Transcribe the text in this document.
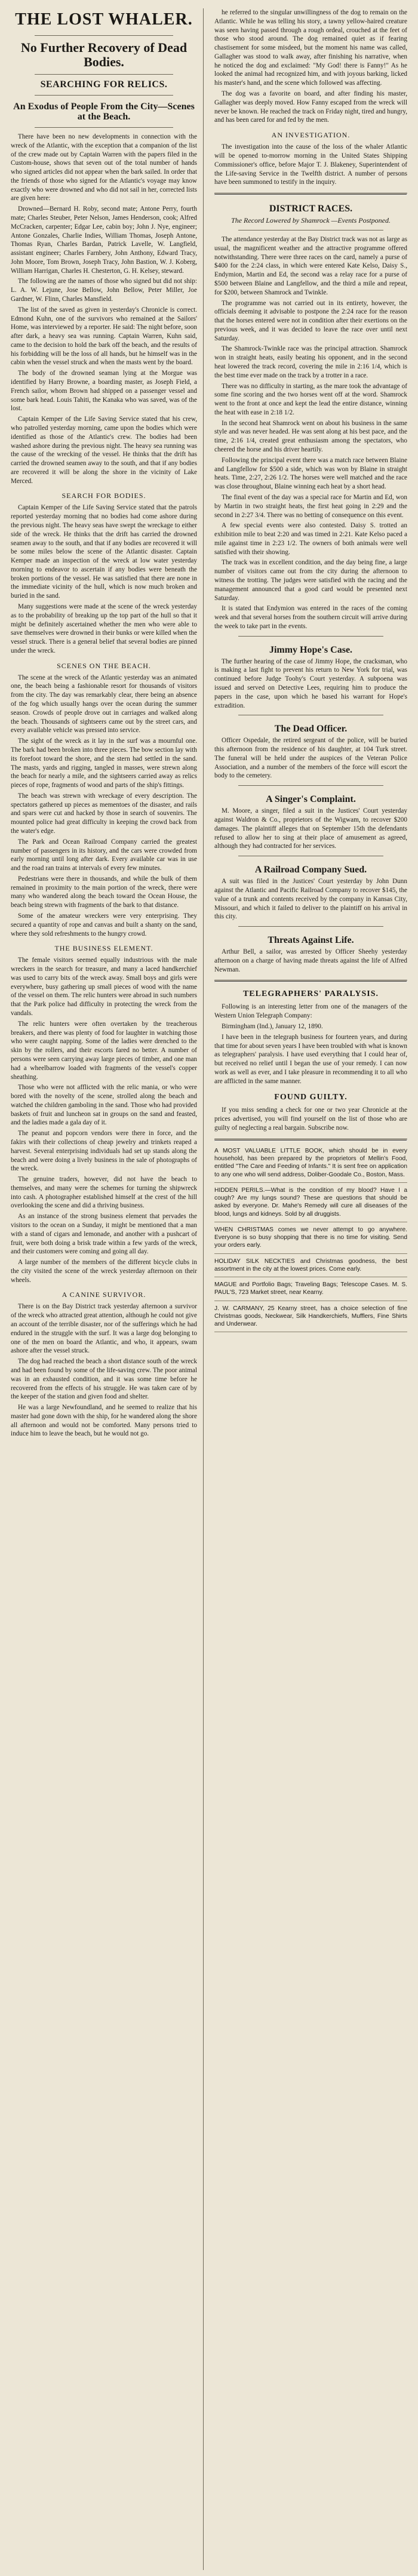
THE LOST WHALER.
No Further Recovery of Dead Bodies.
SEARCHING FOR RELICS.
An Exodus of People From the City—Scenes at the Beach.

There have been no new developments in connection with the wreck of the Atlantic, with the exception that a companion of the list of the crew made out by Captain Warren with the papers filed in the Custom-house, shows that seven out of the total number of hands who signed articles did not appear when the bark sailed. In order that the friends of those who signed for the Atlantic's voyage may know exactly who were drowned and who did not sail in her, corrected lists are given here:

Drowned—Bernard H. Roby, second mate; Antone Perry, fourth mate; Charles Steuber, Peter Nelson, James Henderson, cook; Alfred McCracken, carpenter; Edgar Lee, cabin boy; John J. Nye, engineer; Antone Gonzales, Charlie Indies, William Thomas, Joseph Antone, Thomas Ryan, Charles Bardan, Patrick Lavelle, W. Langfield, assistant engineer; Charles Farnbery, John Anthony, Edward Tracy, John Moore, Tom Brown, Joseph Tracy, John Bastion, W. J. Koberg, William Harrigan, Charles H. Chesterton, G. H. Kelsey, steward.

The following are the names of those who signed but did not ship: L. A. W. Lejune, Jose Bellow, John Bellow, Peter Miller, Joe Gardner, W. Flinn, Charles Mansfield.

The list of the saved as given in yesterday's Chronicle is correct. Edmond Kuhn, one of the survivors who remained at the Sailors' Home, was interviewed by a reporter. He said: The night before, soon after dark, a heavy sea was running. Captain Warren, Kuhn said, came to the decision to hold the bark off the beach, and the results of his forbidding will be the loss of all hands, but he himself was in the cabin when the vessel struck and when the masts went by the board.

The body of the drowned seaman lying at the Morgue was identified by Harry Browne, a boarding master, as Joseph Field, a French sailor, whom Brown had shipped on a passenger vessel and some bark head. Louis Tahiti, the Kanaka who was saved, was of the lost.

Captain Kemper of the Life Saving Service stated that his crew, who patrolled yesterday morning, came upon the bodies which were identified as those of the Atlantic's crew. The bodies had been washed ashore during the previous night. The heavy sea running was the cause of the wrecking of the vessel. He thinks that the drift has carried the drowned seamen away to the south, and that if any bodies are recovered it will be along the shore in the vicinity of Lake Merced.

SEARCH FOR BODIES.

Captain Kemper of the Life Saving Service stated that the patrols reported yesterday morning that no bodies had come ashore during the previous night. The heavy seas have swept the wreckage to either side of the wreck. He thinks that the drift has carried the drowned seamen away to the south, and that if any bodies are recovered it will be some miles below the scene of the Atlantic disaster. Captain Kemper made an inspection of the wreck at low water yesterday morning to endeavor to ascertain if any bodies were beneath the broken portions of the vessel. He was satisfied that there are none in the immediate vicinity of the hull, which is now much broken and buried in the sand.

Many suggestions were made at the scene of the wreck yesterday as to the probability of breaking up the top part of the hull so that it might be definitely ascertained whether the men who were able to save themselves were drowned in their bunks or were killed when the vessel struck. There is a general belief that several bodies are pinned under the wreck.

SCENES ON THE BEACH.

The scene at the wreck of the Atlantic yesterday was an animated one, the beach being a fashionable resort for thousands of visitors from the city. The day was remarkably clear, there being an absence of the fog which usually hangs over the ocean during the summer season. Crowds of people drove out in carriages and walked along the beach. Thousands of sightseers came out by the street cars, and every available vehicle was pressed into service.

The sight of the wreck as it lay in the surf was a mournful one. The bark had been broken into three pieces. The bow section lay with its forefoot toward the shore, and the stern had settled in the sand. The masts, yards and rigging, tangled in masses, were strewn along the beach for nearly a mile, and the sightseers carried away as relics pieces of rope, fragments of wood and parts of the ship's fittings.

The beach was strewn with wreckage of every description. The spectators gathered up pieces as mementoes of the disaster, and rails and spars were cut and hacked by those in search of souvenirs. The mounted police had great difficulty in keeping the crowd back from the water's edge.

The Park and Ocean Railroad Company carried the greatest number of passengers in its history, and the cars were crowded from early morning until long after dark. Every available car was in use and the road ran trains at intervals of every few minutes.

Pedestrians were there in thousands, and while the bulk of them remained in proximity to the main portion of the wreck, there were many who wandered along the beach toward the Ocean House, the beach being strewn with fragments of the bark to that distance.

Some of the amateur wreckers were very enterprising. They secured a quantity of rope and canvas and built a shanty on the sand, where they sold refreshments to the hungry crowd.

THE BUSINESS ELEMENT.

The female visitors seemed equally industrious with the male wreckers in the search for treasure, and many a laced handkerchief was used to carry bits of the wreck away. Small boys and girls were everywhere, busy gathering up small pieces of wood with the name of the vessel on them. The relic hunters were abroad in such numbers that the Park police had difficulty in protecting the wreck from the vandals.

The relic hunters were often overtaken by the treacherous breakers, and there was plenty of food for laughter in watching those who were caught napping. Some of the ladies were drenched to the skin by the rollers, and their escorts fared no better. A number of persons were seen carrying away large pieces of timber, and one man had a wheelbarrow loaded with fragments of the vessel's copper sheathing.

Those who were not afflicted with the relic mania, or who were bored with the novelty of the scene, strolled along the beach and watched the children gamboling in the sand. Those who had provided baskets of fruit and luncheon sat in groups on the sand and feasted, and the ladies made a gala day of it.

The peanut and popcorn vendors were there in force, and the fakirs with their collections of cheap jewelry and trinkets reaped a harvest. Several enterprising individuals had set up stands along the beach and were doing a lively business in the sale of photographs of the wreck.

The genuine traders, however, did not have the beach to themselves, and many were the schemes for turning the shipwreck into cash. A photographer established himself at the crest of the hill overlooking the scene and did a thriving business.

As an instance of the strong business element that pervades the visitors to the ocean on a Sunday, it might be mentioned that a man with a stand of cigars and lemonade, and another with a pushcart of fruit, were both doing a brisk trade within a few yards of the wreck, and their customers were coming and going all day.

A large number of the members of the different bicycle clubs in the city visited the scene of the wreck yesterday afternoon on their wheels.

A CANINE SURVIVOR.

There is on the Bay District track yesterday afternoon a survivor of the wreck who attracted great attention, although he could not give an account of the terrible disaster, nor of the sufferings which he had endured in the struggle with the surf. It was a large dog belonging to one of the men on board the Atlantic, and who, it appears, swam ashore after the vessel struck.

The dog had reached the beach a short distance south of the wreck and had been found by some of the life-saving crew. The poor animal was in an exhausted condition, and it was some time before he recovered from the effects of his struggle. He was taken care of by the keeper of the station and given food and shelter.

He was a large Newfoundland, and he seemed to realize that his master had gone down with the ship, for he wandered along the shore all afternoon and would not be comforted. Many persons tried to induce him to leave the beach, but he would not go.

he referred to the singular unwillingness of the dog to remain on the Atlantic. While he was telling his story, a tawny yellow-haired creature was seen having passed through a rough ordeal, crouched at the feet of those who stood around. The dog remained quiet as if fearing chastisement for some misdeed, but the moment his name was called, Gallagher was stood to walk away, after finishing his narrative, when he noticed the dog and exclaimed: "My God! there is Fanny!" As he looked the animal had recognized him, and with joyous barking, licked his master's hand, and the scene which followed was affecting.

The dog was a favorite on board, and after finding his master, Gallagher was deeply moved. How Fanny escaped from the wreck will never be known. He reached the track on Friday night, tired and hungry, and has been cared for and fed by the men.

AN INVESTIGATION.

The investigation into the cause of the loss of the whaler Atlantic will be opened to-morrow morning in the United States Shipping Commissioner's office, before Major T. J. Blakeney, Superintendent of the Life-saving Service in the Twelfth district. A number of persons have been summoned to testify in the inquiry.

DISTRICT RACES.
The Record Lowered by Shamrock —Events Postponed.

The attendance yesterday at the Bay District track was not as large as usual, the magnificent weather and the attractive programme offered notwithstanding. There were three races on the card, namely a purse of $400 for the 2:24 class, in which were entered Kate Kelso, Daisy S., Endymion, Martin and Ed, the second was a relay race for a purse of $500 between Blaine and Langfellow, and the third a mile and repeat, for $200, between Shamrock and Twinkle.

The programme was not carried out in its entirety, however, the officials deeming it advisable to postpone the 2:24 race for the reason that the horses entered were not in condition after their exertions on the previous week, and it was decided to leave the race over until next Saturday.

The Shamrock-Twinkle race was the principal attraction. Shamrock won in straight heats, easily beating his opponent, and in the second heat lowered the track record, covering the mile in 2:16 1/4, which is the best time ever made on the track by a trotter in a race.

There was no difficulty in starting, as the mare took the advantage of some fine scoring and the two horses went off at the word. Shamrock went to the front at once and kept the lead the entire distance, winning the heat with ease in 2:18 1/2.

In the second heat Shamrock went on about his business in the same style and was never headed. He was sent along at his best pace, and the time, 2:16 1/4, created great enthusiasm among the spectators, who cheered the horse and his driver heartily.

Following the principal event there was a match race between Blaine and Langfellow for $500 a side, which was won by Blaine in straight heats. Time, 2:27, 2:26 1/2. The horses were well matched and the race was close throughout, Blaine winning each heat by a short head.

The final event of the day was a special race for Martin and Ed, won by Martin in two straight heats, the first heat going in 2:29 and the second in 2:27 3/4. There was no betting of consequence on this event.

A few special events were also contested. Daisy S. trotted an exhibition mile to beat 2:20 and was timed in 2:21. Kate Kelso paced a mile against time in 2:23 1/2. The owners of both animals were well satisfied with their showing.

The track was in excellent condition, and the day being fine, a large number of visitors came out from the city during the afternoon to witness the trotting. The judges were satisfied with the racing and the management announced that a good card would be presented next Saturday.

It is stated that Endymion was entered in the races of the coming week and that several horses from the southern circuit will arrive during the week to take part in the events.

Jimmy Hope's Case.

The further hearing of the case of Jimmy Hope, the cracksman, who is making a last fight to prevent his return to New York for trial, was continued before Judge Toohy's Court yesterday. A subpoena was issued and served on Detective Lees, requiring him to produce the papers in the case, upon which he based his warrant for Hope's extradition.

The Dead Officer.

Officer Ospedale, the retired sergeant of the police, will be buried this afternoon from the residence of his daughter, at 104 Turk street. The funeral will be held under the auspices of the Veteran Police Association, and a number of the members of the force will escort the body to the cemetery.

A Singer's Complaint.

M. Moore, a singer, filed a suit in the Justices' Court yesterday against Waldron & Co., proprietors of the Wigwam, to recover $200 damages. The plaintiff alleges that on September 15th the defendants refused to allow her to sing at their place of amusement as agreed, although they had contracted for her services.

A Railroad Company Sued.

A suit was filed in the Justices' Court yesterday by John Dunn against the Atlantic and Pacific Railroad Company to recover $145, the value of a trunk and contents received by the company in Kansas City, Missouri, and which it failed to deliver to the plaintiff on his arrival in this city.

Threats Against Life.

Arthur Bell, a sailor, was arrested by Officer Sheehy yesterday afternoon on a charge of having made threats against the life of Alfred Newman.

TELEGRAPHERS' PARALYSIS.

Following is an interesting letter from one of the managers of the Western Union Telegraph Company:

Birmingham (Ind.), January 12, 1890.

I have been in the telegraph business for fourteen years, and during that time for about seven years I have been troubled with what is known as telegraphers' paralysis. I have used everything that I could hear of, but received no relief until I began the use of your remedy. I can now work as well as ever, and I take pleasure in recommending it to all who are afflicted in the same manner.

FOUND GUILTY.

If you miss sending a check for one or two year Chronicle at the prices advertised, you will find yourself on the list of those who are guilty of neglecting a real bargain. Subscribe now.

A MOST VALUABLE LITTLE BOOK, which should be in every household, has been prepared by the proprietors of Mellin's Food, entitled "The Care and Feeding of Infants." It is sent free on application to any one who will send address, Doliber-Goodale Co., Boston, Mass.

HIDDEN PERILS.—What is the condition of my blood? Have I a cough? Are my lungs sound? These are questions that should be asked by everyone. Dr. Mahe's Remedy will cure all diseases of the blood, lungs and kidneys. Sold by all druggists.

WHEN CHRISTMAS comes we never attempt to go anywhere. Everyone is so busy shopping that there is no time for visiting. Send your orders early.

HOLIDAY SILK NECKTIES and Christmas goodness, the best assortment in the city at the lowest prices. Come early.

MAGUE and Portfolio Bags; Traveling Bags; Telescope Cases. M. S. PAUL'S, 723 Market street, near Kearny.

J. W. CARMANY, 25 Kearny street, has a choice selection of fine Christmas goods, Neckwear, Silk Handkerchiefs, Mufflers, Fine Shirts and Underwear.
